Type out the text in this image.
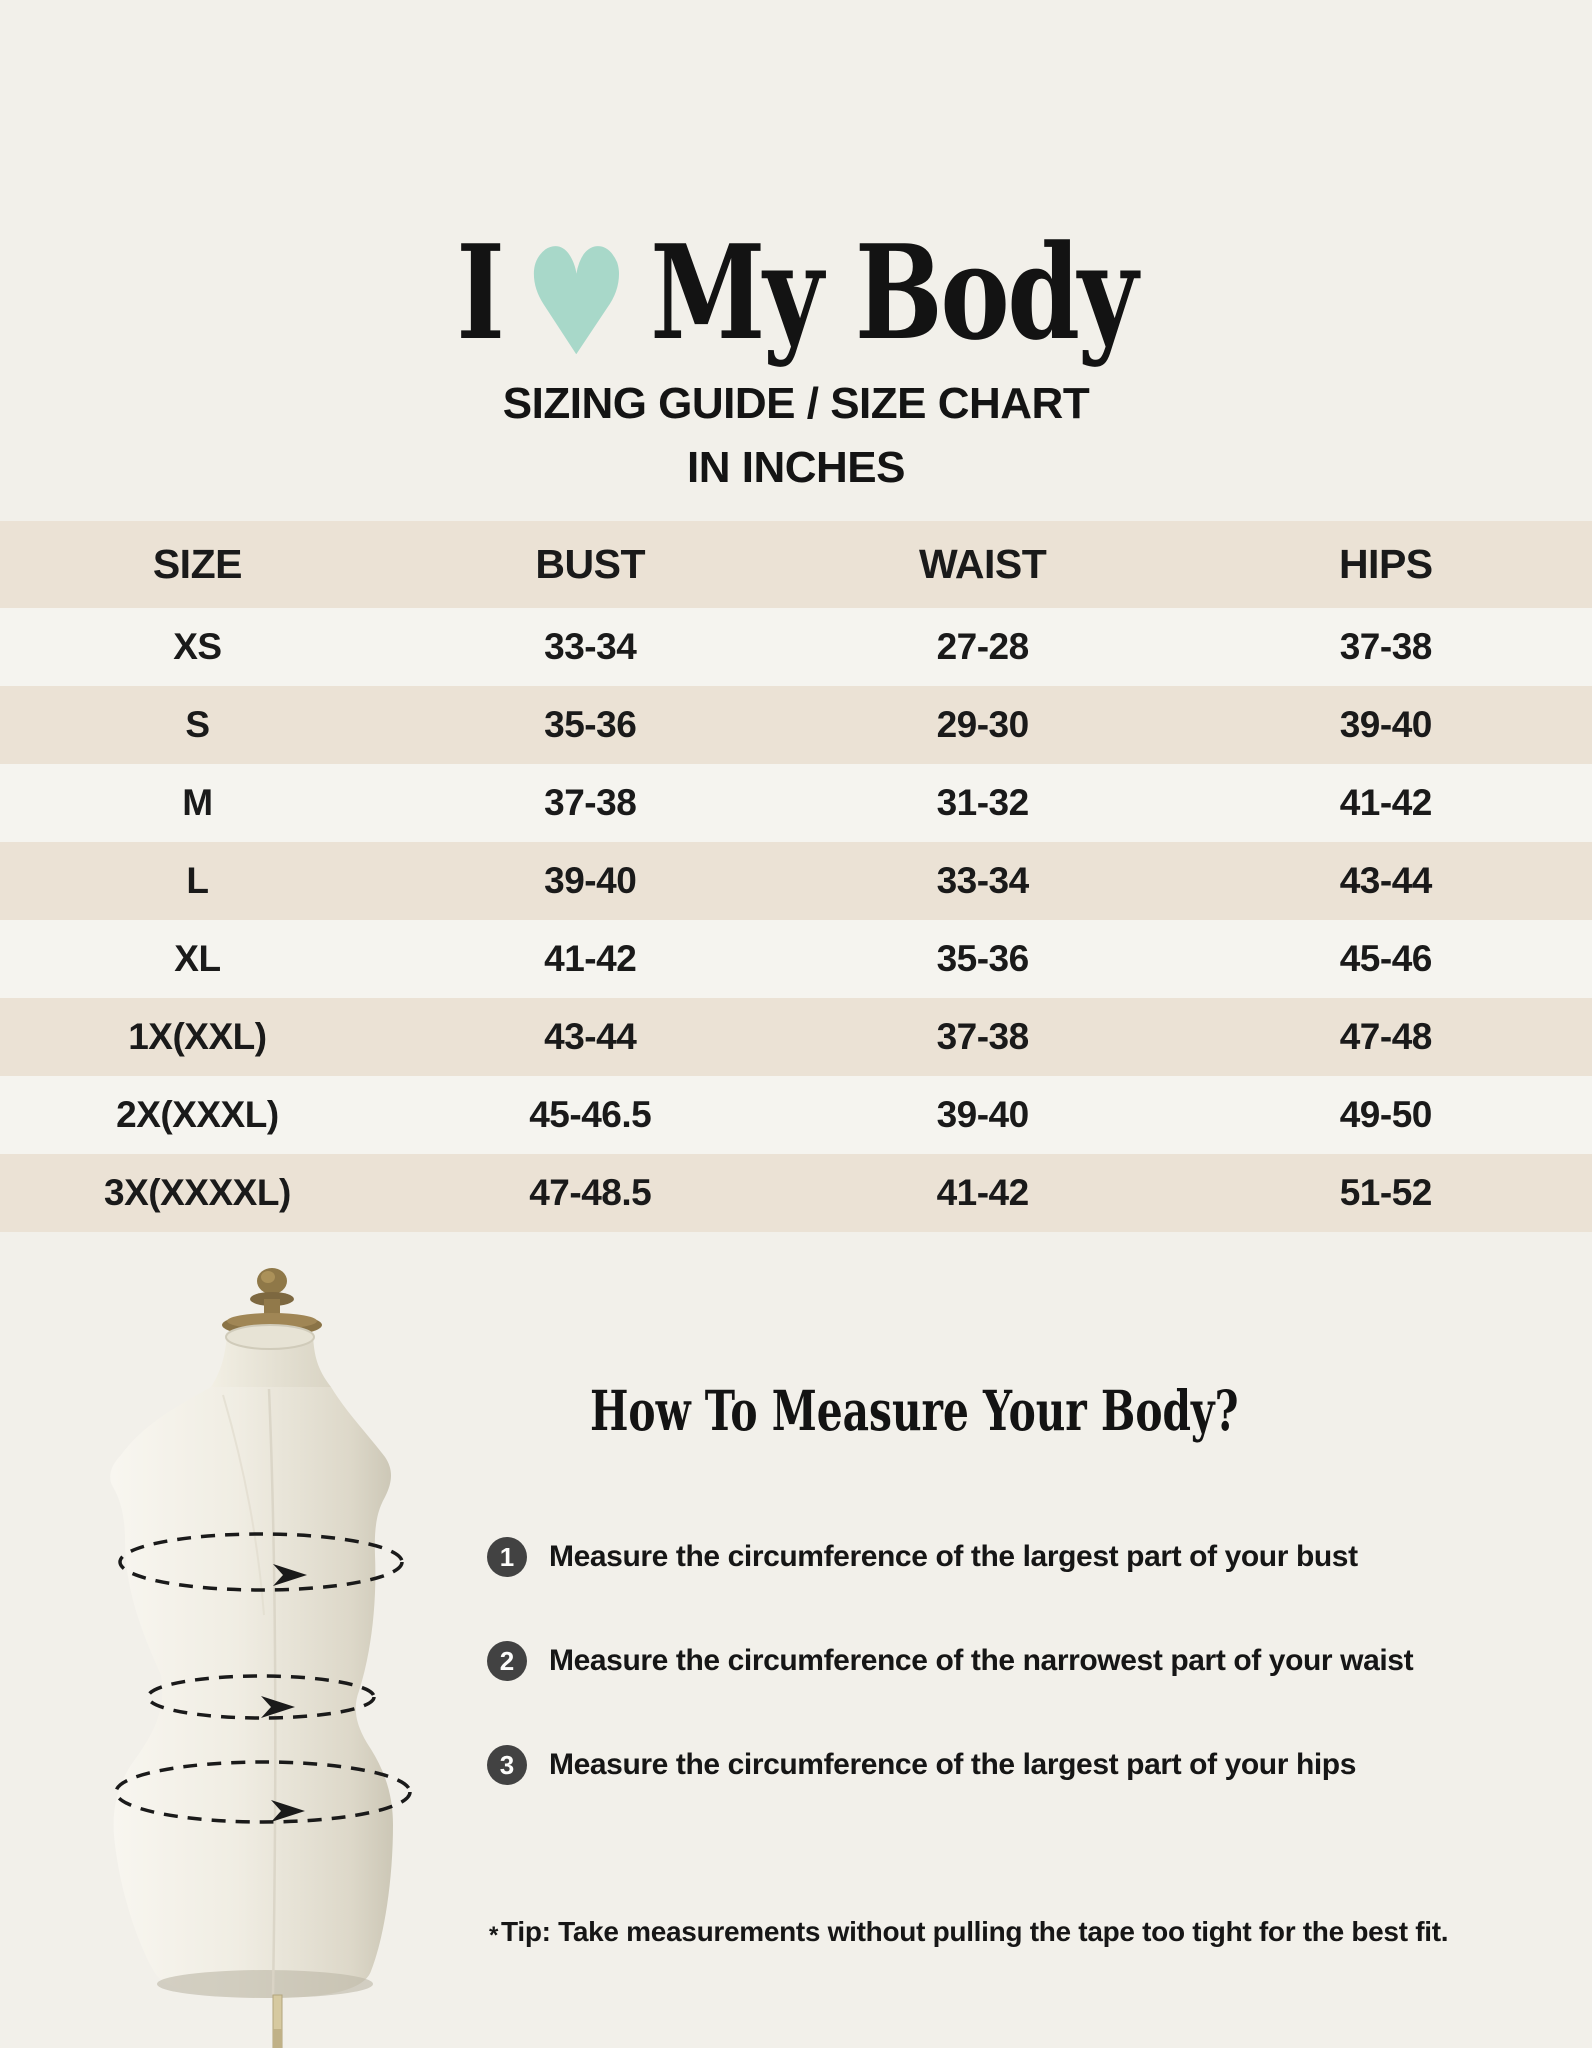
I ♥ My Body
SIZING GUIDE / SIZE CHART
IN INCHES
SIZE	BUST	WAIST	HIPS
XS	33-34	27-28	37-38
S	35-36	29-30	39-40
M	37-38	31-32	41-42
L	39-40	33-34	43-44
XL	41-42	35-36	45-46
1X(XXL)	43-44	37-38	47-48
2X(XXXL)	45-46.5	39-40	49-50
3X(XXXXL)	47-48.5	41-42	51-52
How To Measure Your Body?
1	Measure the circumference of the largest part of your bust
2	Measure the circumference of the narrowest part of your waist
3	Measure the circumference of the largest part of your hips
* Tip: Take measurements without pulling the tape too tight for the best fit.
